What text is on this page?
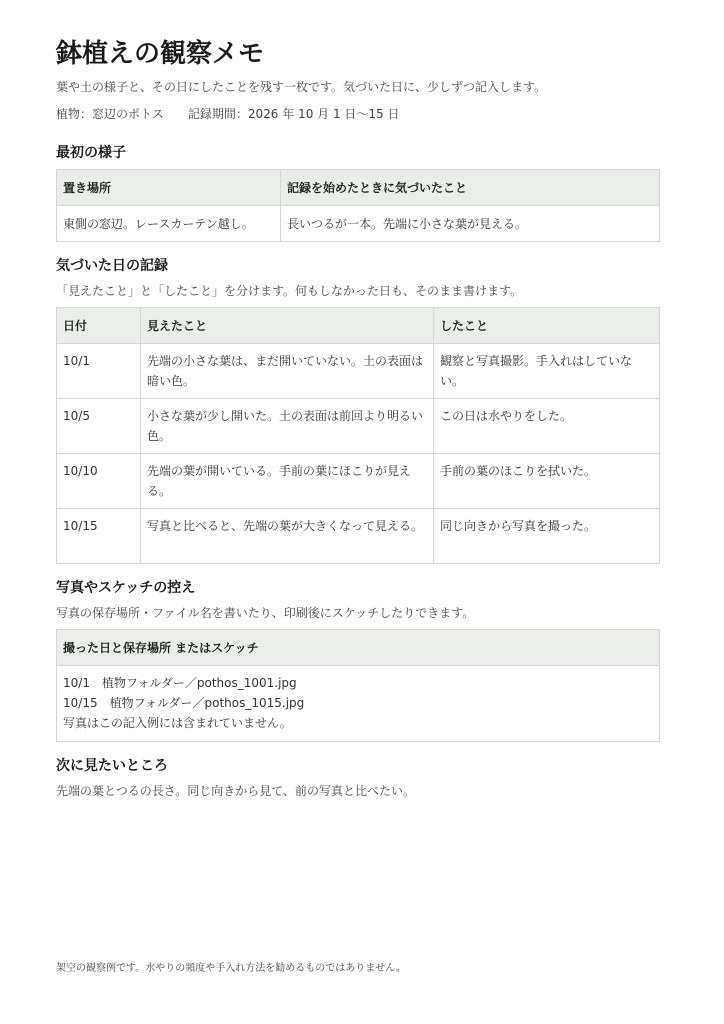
鉢植えの観察メモ

葉や土の様子と、その日にしたことを残す一枚です。気づいた日に、少しずつ記入します。

植物：窓辺のポトス 記録期間：2026 年 10 月 1 日〜15 日

最初の様子
置き場所	記録を始めたときに気づいたこと
東側の窓辺。レースカーテン越し。	長いつるが一本。先端に小さな葉が見える。
気づいた日の記録

「見えたこと」と「したこと」を分けます。何もしなかった日も、そのまま書けます。

日付	見えたこと	したこと
10/1	先端の小さな葉は、まだ開いていない。土の表面は暗い色。	観察と写真撮影。手入れはしていない。
10/5	小さな葉が少し開いた。土の表面は前回より明るい色。	この日は水やりをした。
10/10	先端の葉が開いている。手前の葉にほこりが見える。	手前の葉のほこりを拭いた。
10/15	写真と比べると、先端の葉が大きくなって見える。	同じ向きから写真を撮った。
写真やスケッチの控え

写真の保存場所・ファイル名を書いたり、印刷後にスケッチしたりできます。

撮った日と保存場所 またはスケッチ

10/1　植物フォルダー／pothos_1001.jpg
10/15　植物フォルダー／pothos_1015.jpg
写真はこの記入例には含まれていません。
次に見たいところ

先端の葉とつるの長さ。同じ向きから見て、前の写真と比べたい。

架空の観察例です。水やりの頻度や手入れ方法を勧めるものではありません。
